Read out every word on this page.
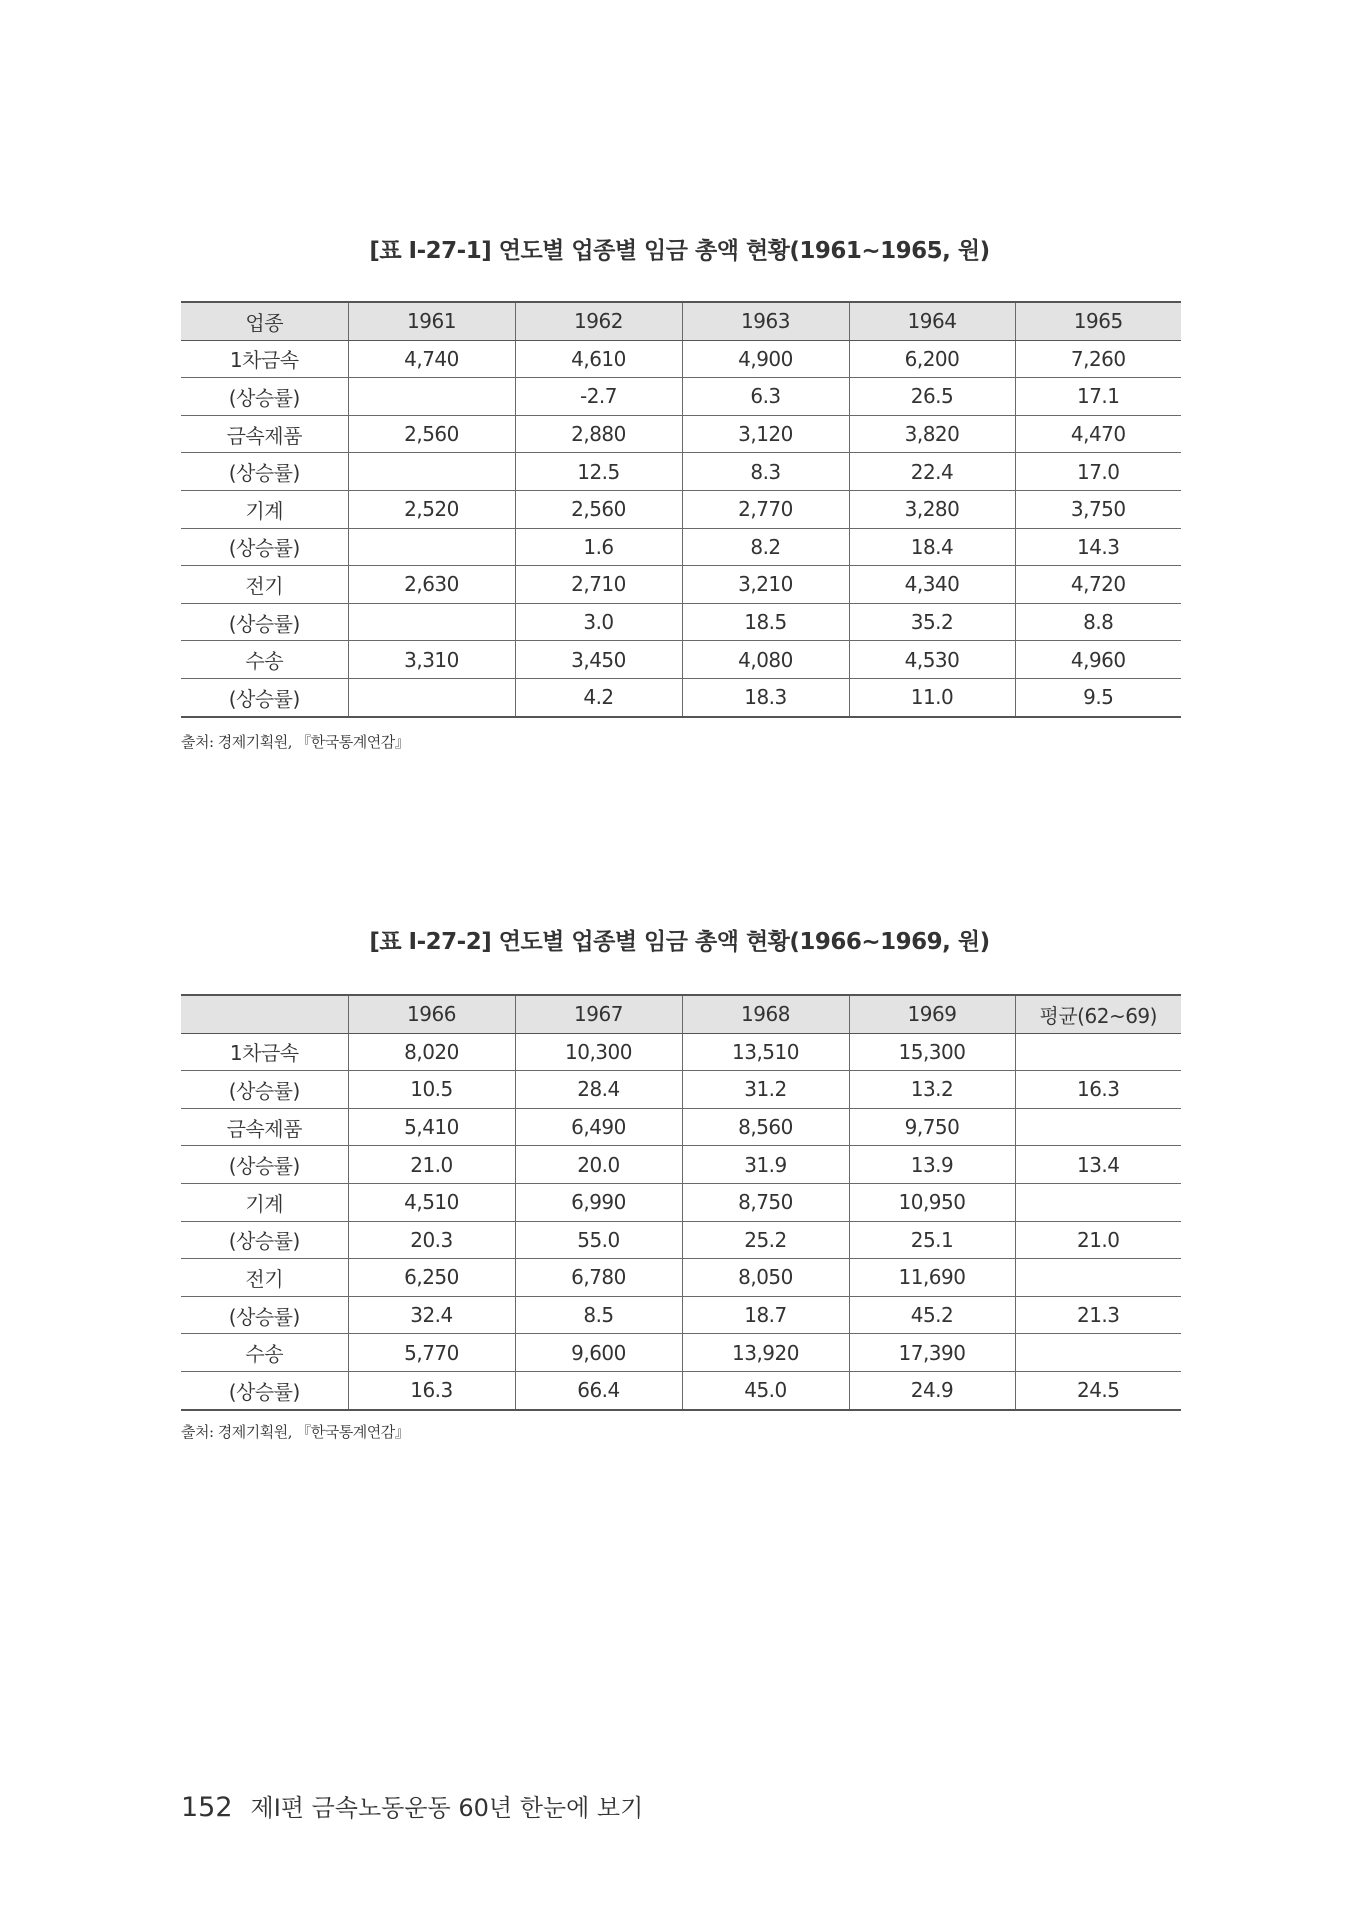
[표 Ⅰ-27-1] 연도별 업종별 임금 총액 현황(1961~1965, 원)
업종	1961	1962	1963	1964	1965
1차금속	4,740	4,610	4,900	6,200	7,260
(상승률)		-2.7	6.3	26.5	17.1
금속제품	2,560	2,880	3,120	3,820	4,470
(상승률)		12.5	8.3	22.4	17.0
기계	2,520	2,560	2,770	3,280	3,750
(상승률)		1.6	8.2	18.4	14.3
전기	2,630	2,710	3,210	4,340	4,720
(상승률)		3.0	18.5	35.2	8.8
수송	3,310	3,450	4,080	4,530	4,960
(상승률)		4.2	18.3	11.0	9.5
출처: 경제기획원, 『한국통계연감』
[표 Ⅰ-27-2] 연도별 업종별 임금 총액 현황(1966~1969, 원)
	1966	1967	1968	1969	평균(62~69)
1차금속	8,020	10,300	13,510	15,300	
(상승률)	10.5	28.4	31.2	13.2	16.3
금속제품	5,410	6,490	8,560	9,750	
(상승률)	21.0	20.0	31.9	13.9	13.4
기계	4,510	6,990	8,750	10,950	
(상승률)	20.3	55.0	25.2	25.1	21.0
전기	6,250	6,780	8,050	11,690	
(상승률)	32.4	8.5	18.7	45.2	21.3
수송	5,770	9,600	13,920	17,390	
(상승률)	16.3	66.4	45.0	24.9	24.5
출처: 경제기획원, 『한국통계연감』
152 제Ⅰ편 금속노동운동 60년 한눈에 보기
